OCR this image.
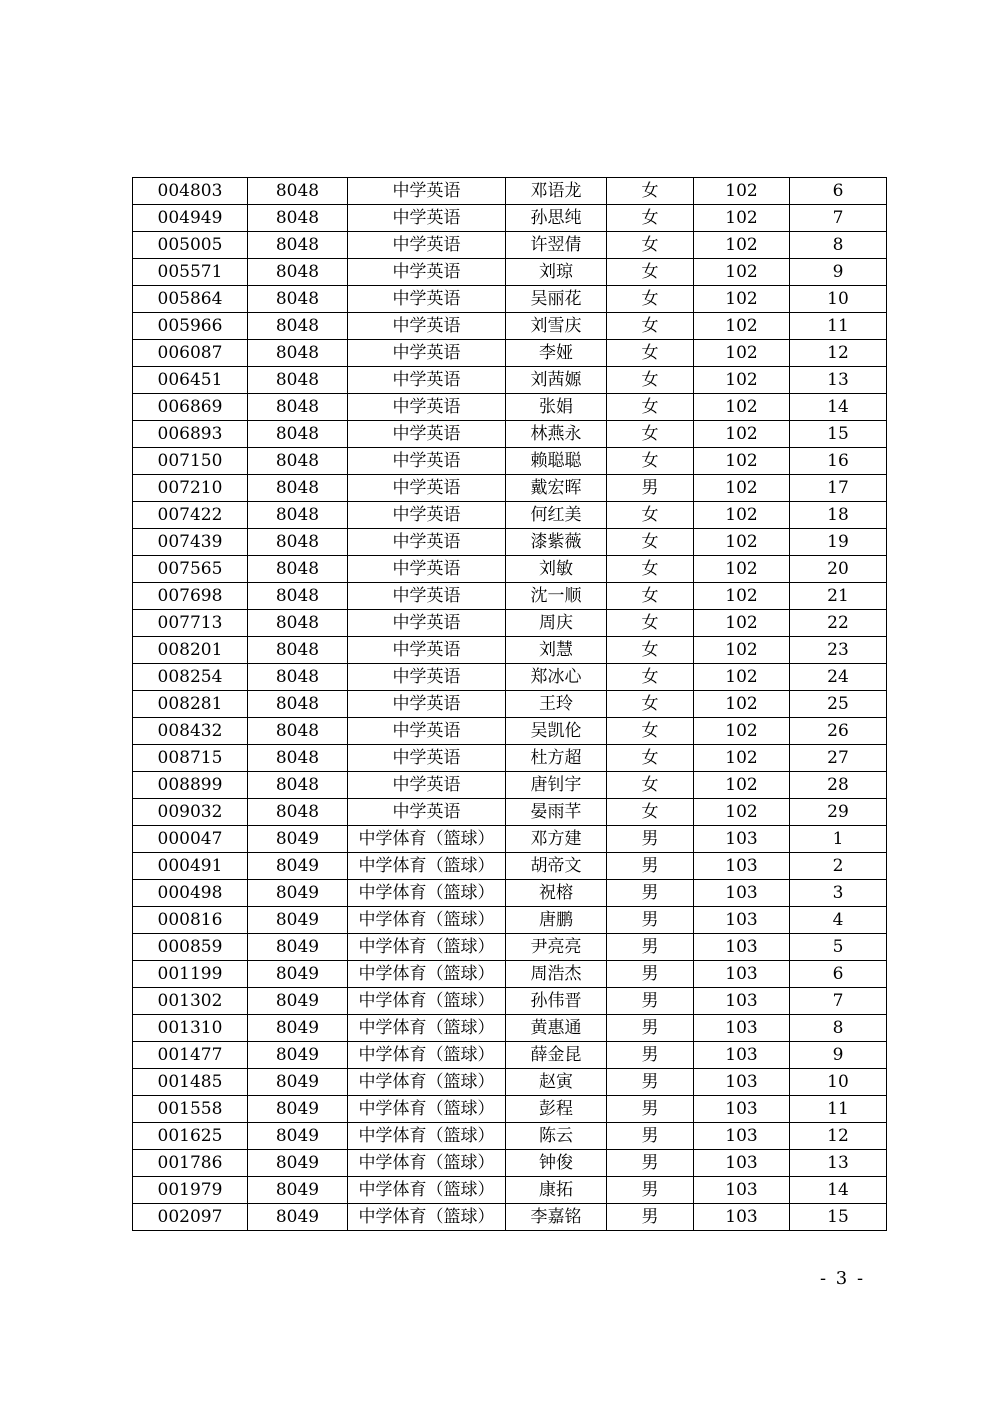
004803	8048	中学英语	邓语龙	女	102	6
004949	8048	中学英语	孙思纯	女	102	7
005005	8048	中学英语	许翌倩	女	102	8
005571	8048	中学英语	刘琼	女	102	9
005864	8048	中学英语	吴丽花	女	102	10
005966	8048	中学英语	刘雪庆	女	102	11
006087	8048	中学英语	李娅	女	102	12
006451	8048	中学英语	刘茜嫄	女	102	13
006869	8048	中学英语	张娟	女	102	14
006893	8048	中学英语	林燕永	女	102	15
007150	8048	中学英语	赖聪聪	女	102	16
007210	8048	中学英语	戴宏晖	男	102	17
007422	8048	中学英语	何红美	女	102	18
007439	8048	中学英语	漆紫薇	女	102	19
007565	8048	中学英语	刘敏	女	102	20
007698	8048	中学英语	沈一顺	女	102	21
007713	8048	中学英语	周庆	女	102	22
008201	8048	中学英语	刘慧	女	102	23
008254	8048	中学英语	郑冰心	女	102	24
008281	8048	中学英语	王玲	女	102	25
008432	8048	中学英语	吴凯伦	女	102	26
008715	8048	中学英语	杜方超	女	102	27
008899	8048	中学英语	唐钊宇	女	102	28
009032	8048	中学英语	晏雨芊	女	102	29
000047	8049	中学体育（篮球）	邓方建	男	103	1
000491	8049	中学体育（篮球）	胡帝文	男	103	2
000498	8049	中学体育（篮球）	祝榕	男	103	3
000816	8049	中学体育（篮球）	唐鹏	男	103	4
000859	8049	中学体育（篮球）	尹亮亮	男	103	5
001199	8049	中学体育（篮球）	周浩杰	男	103	6
001302	8049	中学体育（篮球）	孙伟晋	男	103	7
001310	8049	中学体育（篮球）	黄惠通	男	103	8
001477	8049	中学体育（篮球）	薛金昆	男	103	9
001485	8049	中学体育（篮球）	赵寅	男	103	10
001558	8049	中学体育（篮球）	彭程	男	103	11
001625	8049	中学体育（篮球）	陈云	男	103	12
001786	8049	中学体育（篮球）	钟俊	男	103	13
001979	8049	中学体育（篮球）	康拓	男	103	14
002097	8049	中学体育（篮球）	李嘉铭	男	103	15
- 3 -
